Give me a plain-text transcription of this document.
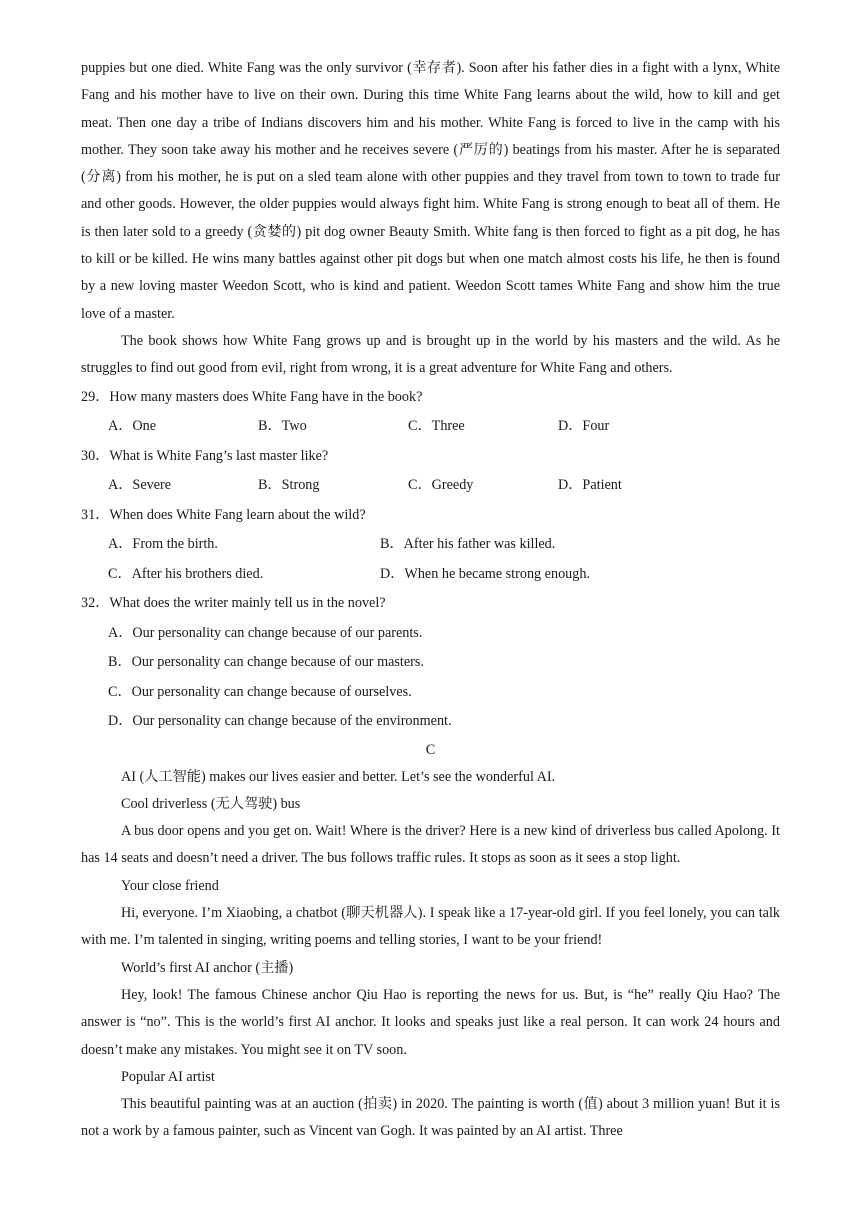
puppies but one died. White Fang was the only survivor (幸存者). Soon after his father dies in a fight with a lynx, White Fang and his mother have to live on their own. During this time White Fang learns about the wild, how to kill and get meat. Then one day a tribe of Indians discovers him and his mother. White Fang is forced to live in the camp with his mother. They soon take away his mother and he receives severe (严厉的) beatings from his master. After he is separated (分离) from his mother, he is put on a sled team alone with other puppies and they travel from town to town to trade fur and other goods. However, the older puppies would always fight him. White Fang is strong enough to beat all of them. He is then later sold to a greedy (贪婪的) pit dog owner Beauty Smith. White fang is then forced to fight as a pit dog, he has to kill or be killed. He wins many battles against other pit dogs but when one match almost costs his life, he then is found by a new loving master Weedon Scott, who is kind and patient. Weedon Scott tames White Fang and show him the true love of a master.

The book shows how White Fang grows up and is brought up in the world by his masters and the wild. As he struggles to find out good from evil, right from wrong, it is a great adventure for White Fang and others.

29．How many masters does White Fang have in the book?

A．One	B．Two	C．Three	D．Four

30．What is White Fang’s last master like?

A．Severe	B．Strong	C．Greedy	D．Patient

31．When does White Fang learn about the wild?

A．From the birth.	B．After his father was killed.
C．After his brothers died.	D．When he became strong enough.

32．What does the writer mainly tell us in the novel?

A．Our personality can change because of our parents.
B．Our personality can change because of our masters.
C．Our personality can change because of ourselves.
D．Our personality can change because of the environment.
C

AI (人工智能) makes our lives easier and better. Let’s see the wonderful AI.

Cool driverless (无人驾驶) bus

A bus door opens and you get on. Wait! Where is the driver? Here is a new kind of driverless bus called Apolong. It has 14 seats and doesn’t need a driver. The bus follows traffic rules. It stops as soon as it sees a stop light.

Your close friend

Hi, everyone. I’m Xiaobing, a chatbot (聊天机器人). I speak like a 17-year-old girl. If you feel lonely, you can talk with me. I’m talented in singing, writing poems and telling stories, I want to be your friend!

World’s first AI anchor (主播)

Hey, look! The famous Chinese anchor Qiu Hao is reporting the news for us. But, is “he” really Qiu Hao? The answer is “no”. This is the world’s first AI anchor. It looks and speaks just like a real person. It can work 24 hours and doesn’t make any mistakes. You might see it on TV soon.

Popular AI artist

This beautiful painting was at an auction (拍卖) in 2020. The painting is worth (值) about 3 million yuan! But it is not a work by a famous painter, such as Vincent van Gogh. It was painted by an AI artist. Three
